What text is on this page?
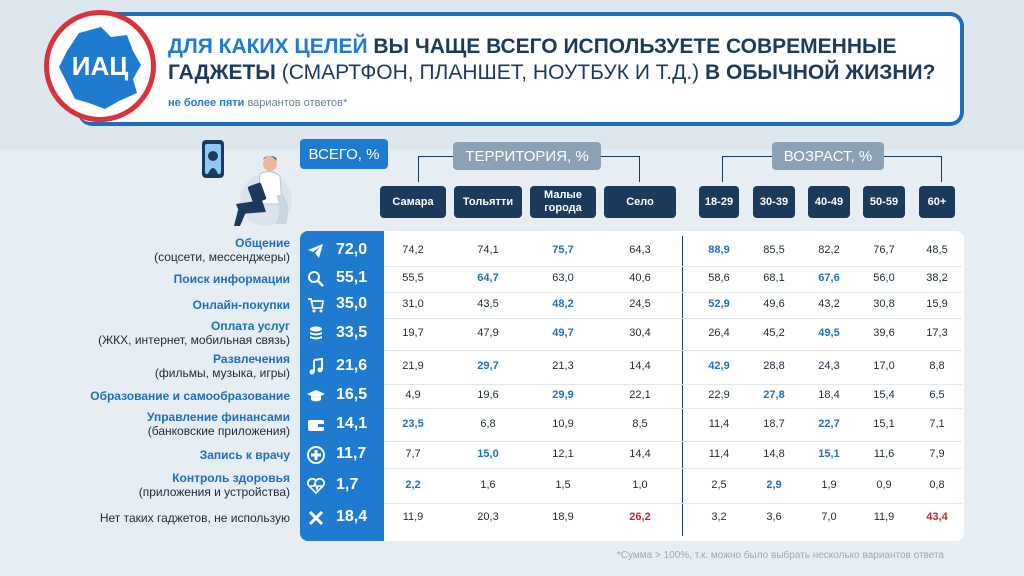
ИАЦ
ДЛЯ КАКИХ ЦЕЛЕЙ ВЫ ЧАЩЕ ВСЕГО ИСПОЛЬЗУЕТЕ СОВРЕМЕННЫЕ ГАДЖЕТЫ (СМАРТФОН, ПЛАНШЕТ, НОУТБУК И Т.Д.) В ОБЫЧНОЙ ЖИЗНИ?
не более пяти вариантов ответов*
ВСЕГО, %	ТЕРРИТОРИЯ, %	ВОЗРАСТ, %
Самара	Тольятти
Малые города
Село	18-29	30-39	40-49	50-59	60+
Общение
(соцсети, мессенджеры)	72,0	74,2	74,1	75,7	64,3	88,9	85,5	82,2	76,7	48,5
Поиск информации	55,1	55,5	64,7	63,0	40,6	58,6	68,1	67,6	56,0	38,2
Онлайн-покупки	35,0	31,0	43,5	48,2	24,5	52,9	49,6	43,2	30,8	15,9
Оплата услуг
(ЖКХ, интернет, мобильная связь)	33,5	19,7	47,9	49,7	30,4	26,4	45,2	49,5	39,6	17,3
Развлечения
(фильмы, музыка, игры)	21,6	21,9	29,7	21,3	14,4	42,9	28,8	24,3	17,0	8,8
Образование и самообразование	16,5	4,9	19,6	29,9	22,1	22,9	27,8	18,4	15,4	6,5
Управление финансами
(банковские приложения)	14,1	23,5	6,8	10,9	8,5	11,4	18,7	22,7	15,1	7,1
Запись к врачу	11,7	7,7	15,0	12,1	14,4	11,4	14,8	15,1	11,6	7,9
Контроль здоровья
(приложения и устройства)	1,7	2,2	1,6	1,5	1,0	2,5	2,9	1,9	0,9	0,8
Нет таких гаджетов, не использую	18,4	11,9	20,3	18,9	26,2	3,2	3,6	7,0	11,9	43,4
*Сумма > 100%, т.к. можно было выбрать несколько вариантов ответа
